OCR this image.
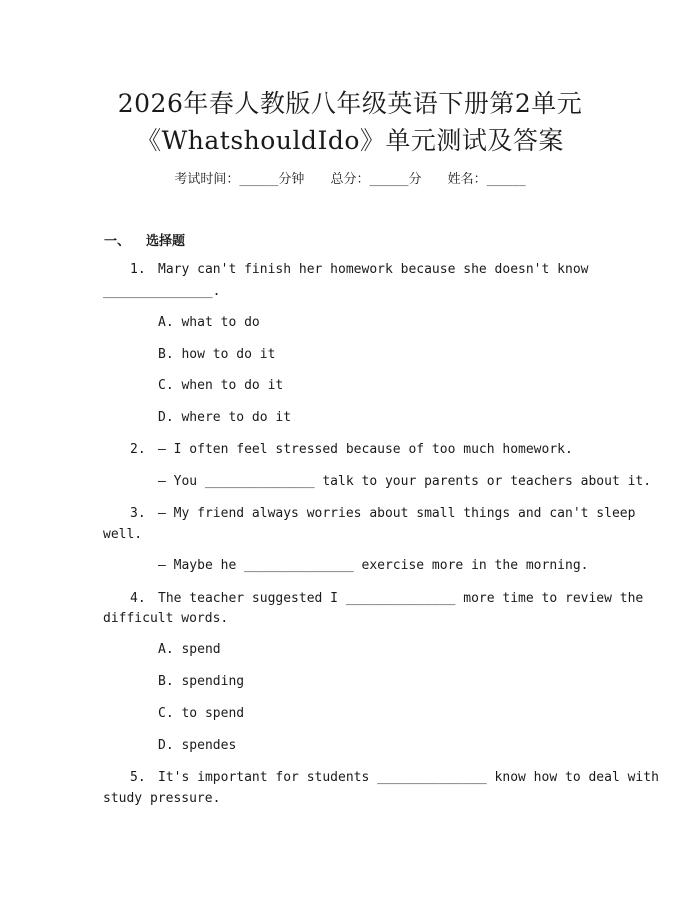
2026年春人教版八年级英语下册第2单元
《WhatshouldIdo》单元测试及答案
考试时间：______分钟 总分：______分 姓名：______
一、 选择题
1. Mary can't finish her homework because she doesn't know
______________.
A. what to do
B. how to do it
C. when to do it
D. where to do it
2. — I often feel stressed because of too much homework.
— You ______________ talk to your parents or teachers about it.
3. — My friend always worries about small things and can't sleep
well.
— Maybe he ______________ exercise more in the morning.
4. The teacher suggested I ______________ more time to review the
difficult words.
A. spend
B. spending
C. to spend
D. spendes
5. It's important for students ______________ know how to deal with
study pressure.
